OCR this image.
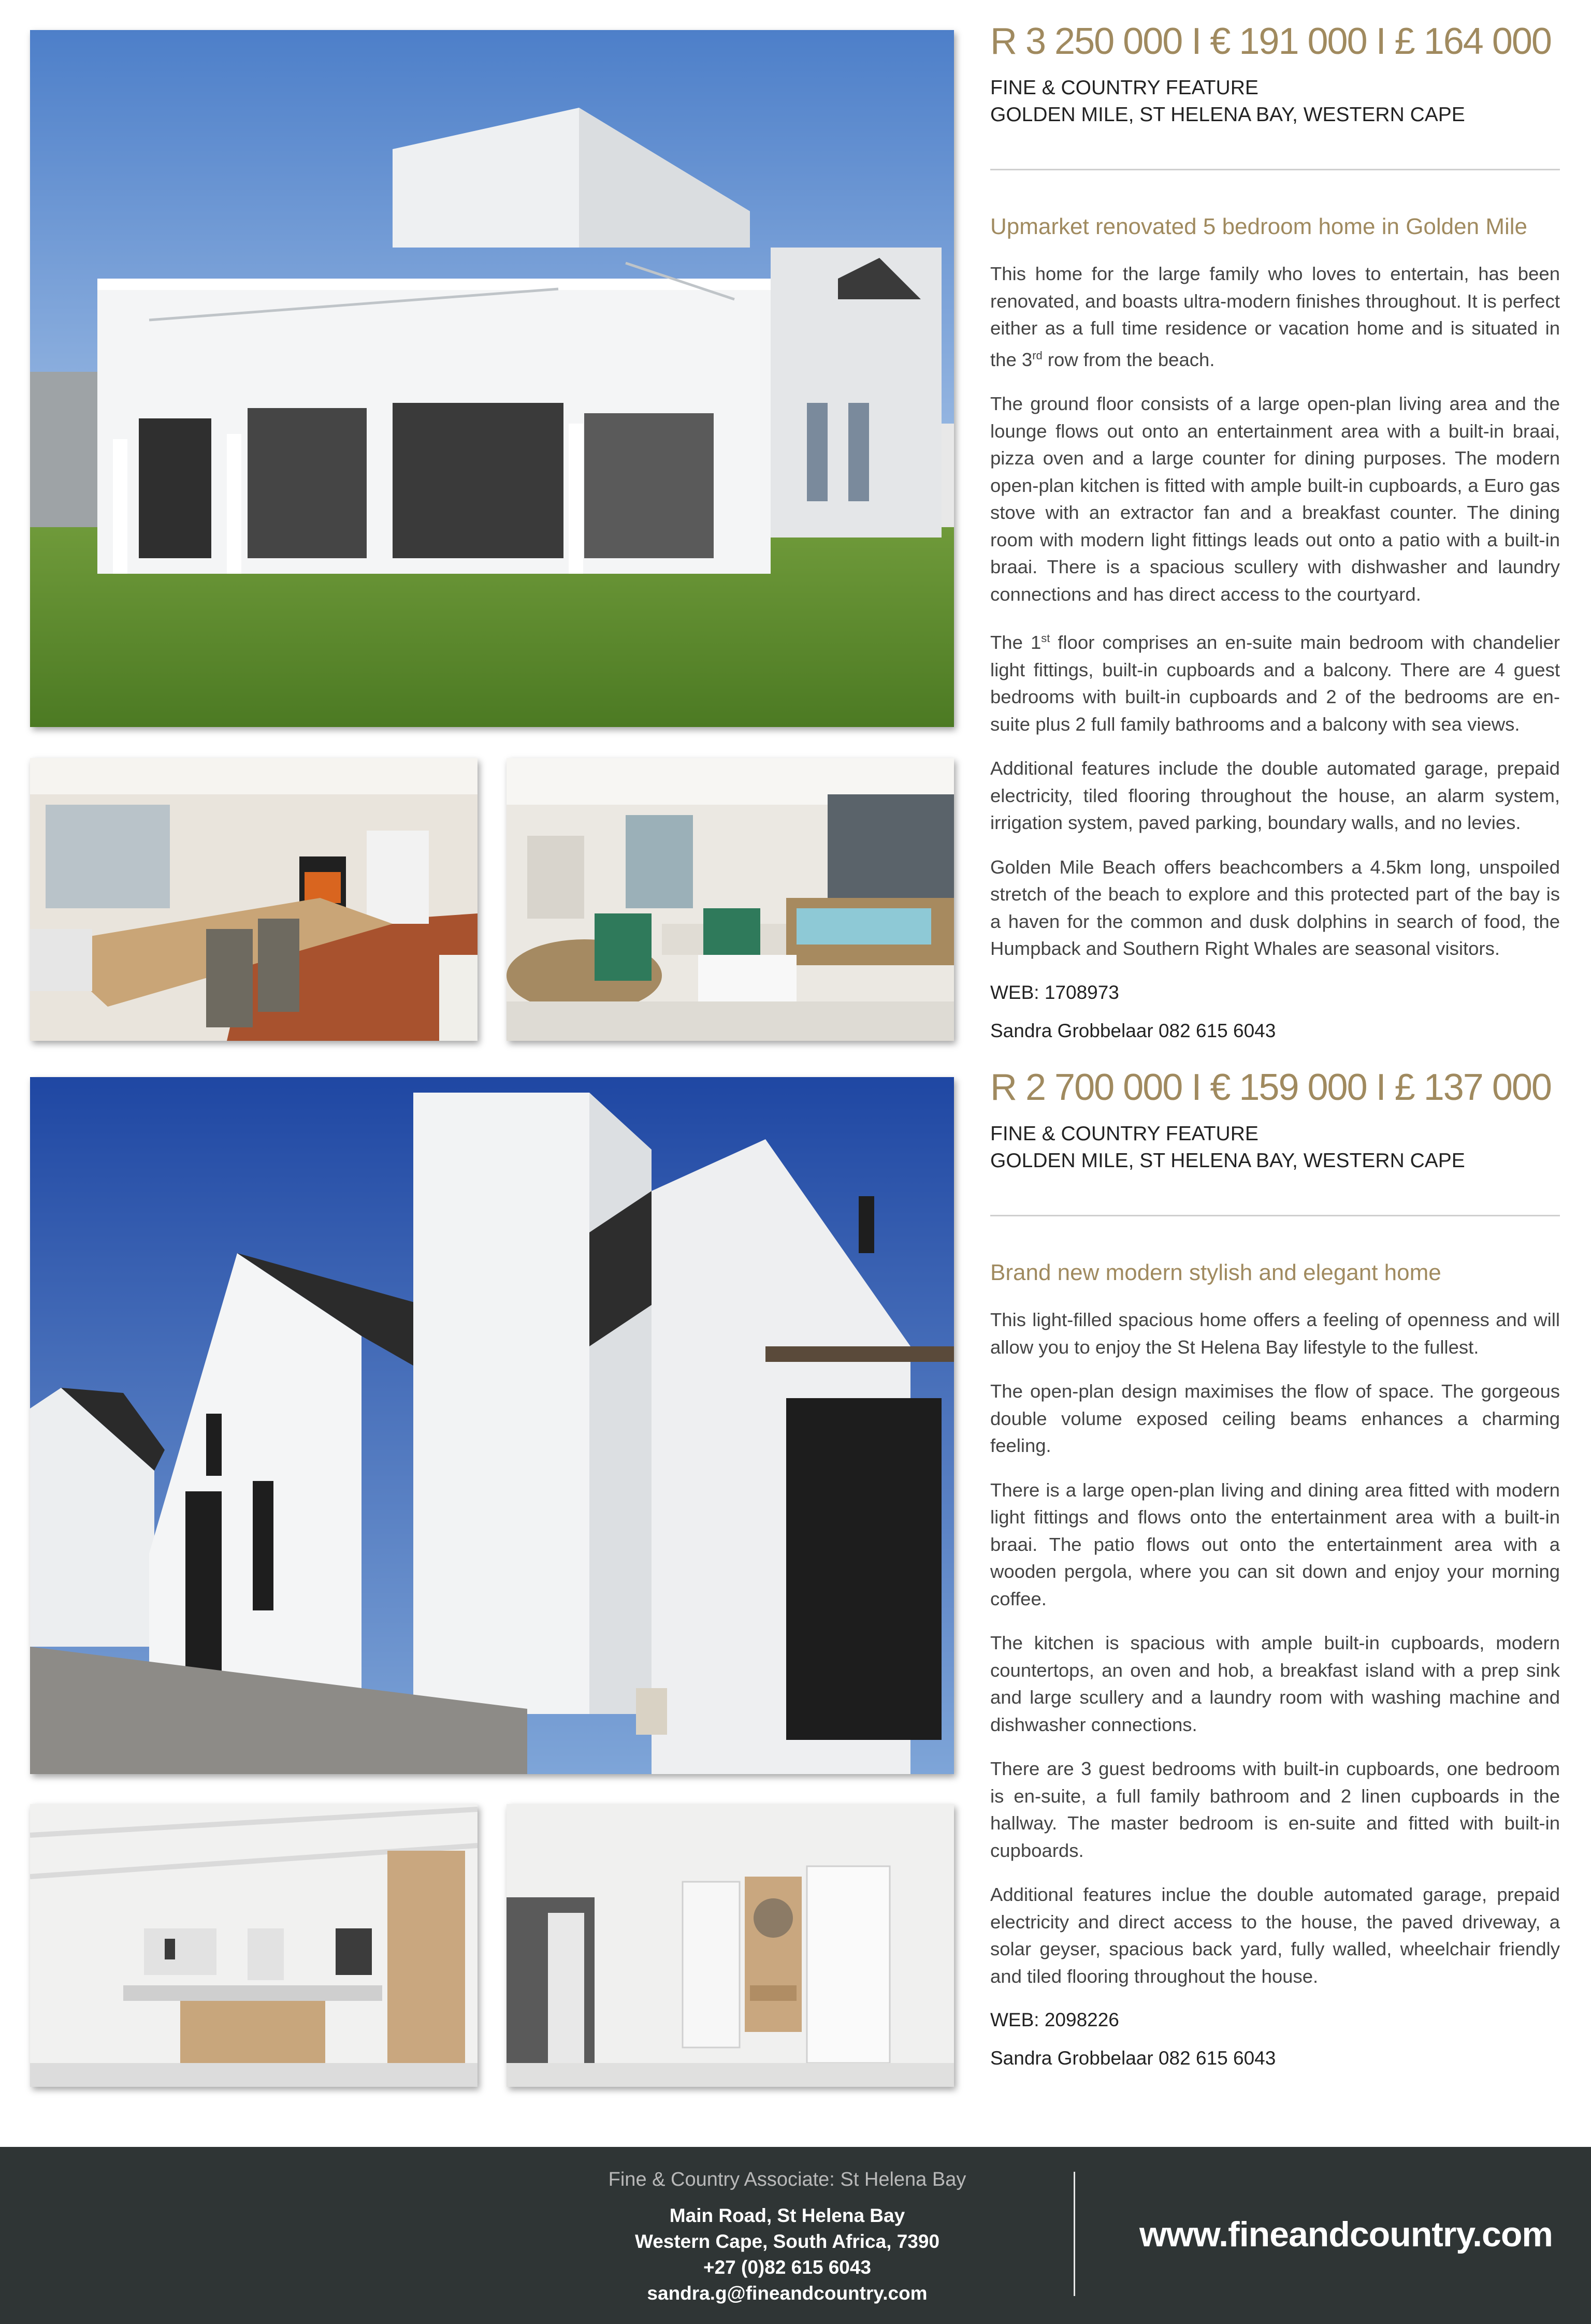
R 3 250 000 I € 191 000 I £ 164 000

FINE & COUNTRY FEATURE

GOLDEN MILE, ST HELENA BAY, WESTERN CAPE

Upmarket renovated 5 bedroom home in Golden Mile

This home for the large family who loves to entertain, has been renovated, and boasts ultra-modern finishes throughout. It is perfect either as a full time residence or vacation home and is situated in the 3rd row from the beach.

The ground floor consists of a large open-plan living area and the lounge flows out onto an entertainment area with a built-in braai, pizza oven and a large counter for dining purposes. The modern open-plan kitchen is fitted with ample built-in cupboards, a Euro gas stove with an extractor fan and a breakfast counter. The dining room with modern light fittings leads out onto a patio with a built-in braai. There is a spacious scullery with dishwasher and laundry connections and has direct access to the courtyard.

The 1st floor comprises an en-suite main bedroom with chandelier light fittings, built-in cupboards and a balcony. There are 4 guest bedrooms with built-in cupboards and 2 of the bedrooms are en-suite plus 2 full family bathrooms and a balcony with sea views.

Additional features include the double automated garage, prepaid electricity, tiled flooring throughout the house, an alarm system, irrigation system, paved parking, boundary walls, and no levies.

Golden Mile Beach offers beachcombers a 4.5km long, unspoiled stretch of the beach to explore and this protected part of the bay is a haven for the common and dusk dolphins in search of food, the Humpback and Southern Right Whales are seasonal visitors.

WEB: 1708973

Sandra Grobbelaar 082 615 6043

R 2 700 000 I € 159 000 I £ 137 000

FINE & COUNTRY FEATURE

GOLDEN MILE, ST HELENA BAY, WESTERN CAPE

Brand new modern stylish and elegant home

This light-filled spacious home offers a feeling of openness and will allow you to enjoy the St Helena Bay lifestyle to the fullest.

The open-plan design maximises the flow of space. The gorgeous double volume exposed ceiling beams enhances a charming feeling.

There is a large open-plan living and dining area fitted with modern light fittings and flows onto the entertainment area with a built-in braai. The patio flows out onto the entertainment area with a wooden pergola, where you can sit down and enjoy your morning coffee.

The kitchen is spacious with ample built-in cupboards, modern countertops, an oven and hob, a breakfast island with a prep sink and large scullery and a laundry room with washing machine and dishwasher connections.

There are 3 guest bedrooms with built-in cupboards, one bedroom is en-suite, a full family bathroom and 2 linen cupboards in the hallway. The master bedroom is en-suite and fitted with built-in cupboards.

Additional features inclue the double automated garage, prepaid electricity and direct access to the house, the paved driveway, a solar geyser, spacious back yard, fully walled, wheelchair friendly and tiled flooring throughout the house.

WEB: 2098226

Sandra Grobbelaar 082 615 6043

Fine & Country Associate: St Helena Bay
Main Road, St Helena Bay
Western Cape, South Africa, 7390
+27 (0)82 615 6043
sandra.g@fineandcountry.com
www.fineandcountry.com
